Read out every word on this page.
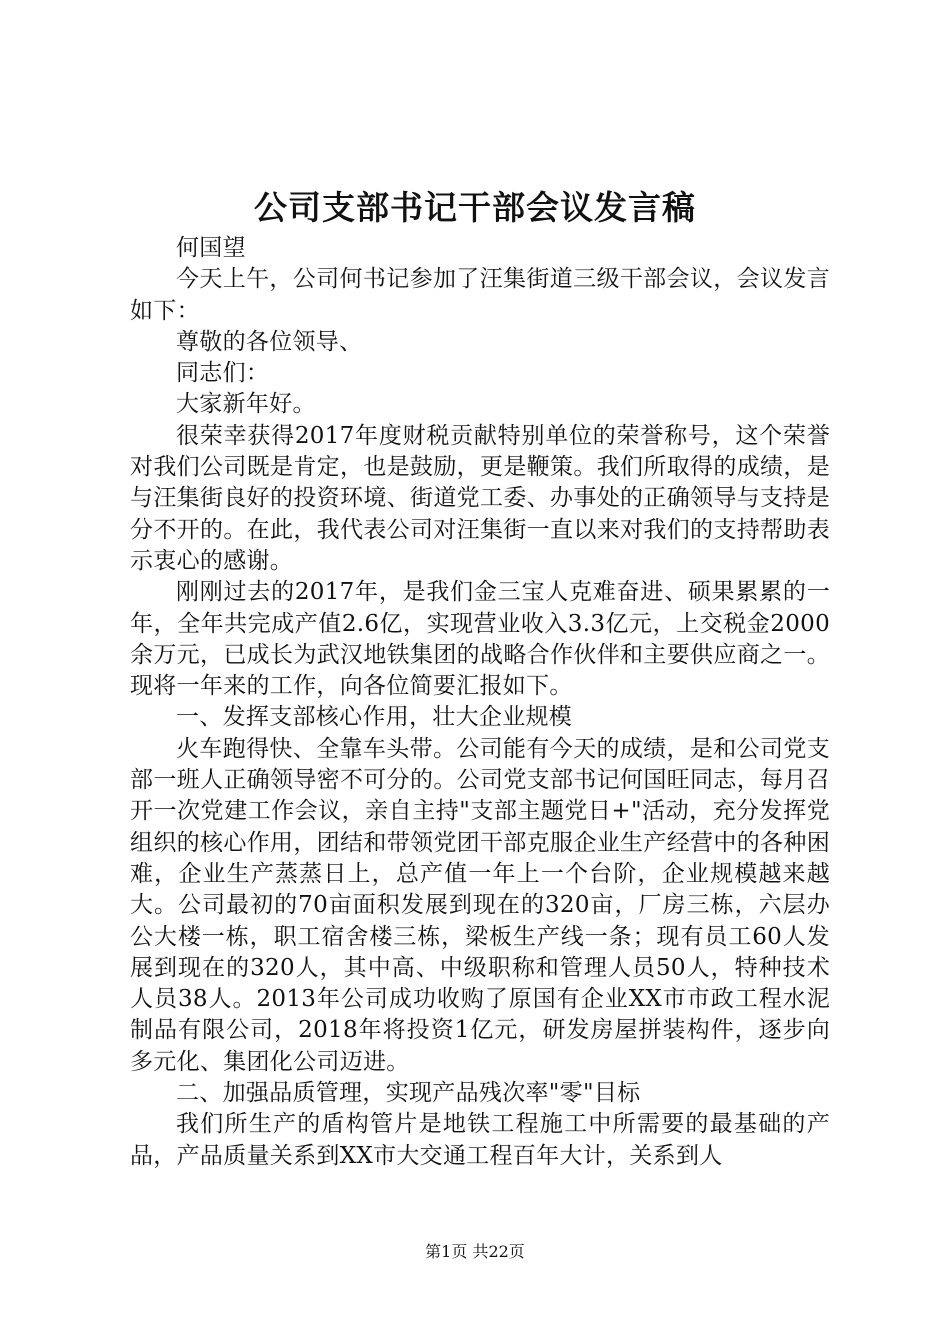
公司支部书记干部会议发言稿

何国望

今天上午，公司何书记参加了汪集街道三级干部会议，会议发言如下：

尊敬的各位领导、

同志们：

大家新年好。

很荣幸获得2017年度财税贡献特别单位的荣誉称号，这个荣誉对我们公司既是肯定，也是鼓励，更是鞭策。我们所取得的成绩，是与汪集街良好的投资环境、街道党工委、办事处的正确领导与支持是分不开的。在此，我代表公司对汪集街一直以来对我们的支持帮助表示衷心的感谢。

刚刚过去的2017年，是我们金三宝人克难奋进、硕果累累的一年，全年共完成产值2.6亿，实现营业收入3.3亿元，上交税金2000余万元，已成长为武汉地铁集团的战略合作伙伴和主要供应商之一。现将一年来的工作，向各位简要汇报如下。

一、发挥支部核心作用，壮大企业规模

火车跑得快、全靠车头带。公司能有今天的成绩，是和公司党支部一班人正确领导密不可分的。公司党支部书记何国旺同志，每月召开一次党建工作会议，亲自主持"支部主题党日+"活动，充分发挥党组织的核心作用，团结和带领党团干部克服企业生产经营中的各种困难，企业生产蒸蒸日上，总产值一年上一个台阶，企业规模越来越大。公司最初的70亩面积发展到现在的320亩，厂房三栋，六层办公大楼一栋，职工宿舍楼三栋，梁板生产线一条；现有员工60人发展到现在的320人，其中高、中级职称和管理人员50人，特种技术人员38人。2013年公司成功收购了原国有企业XX市市政工程水泥制品有限公司，2018年将投资1亿元，研发房屋拼装构件，逐步向多元化、集团化公司迈进。

二、加强品质管理，实现产品残次率"零"目标

我们所生产的盾构管片是地铁工程施工中所需要的最基础的产品，产品质量关系到XX市大交通工程百年大计，关系到人

第1页 共22页
